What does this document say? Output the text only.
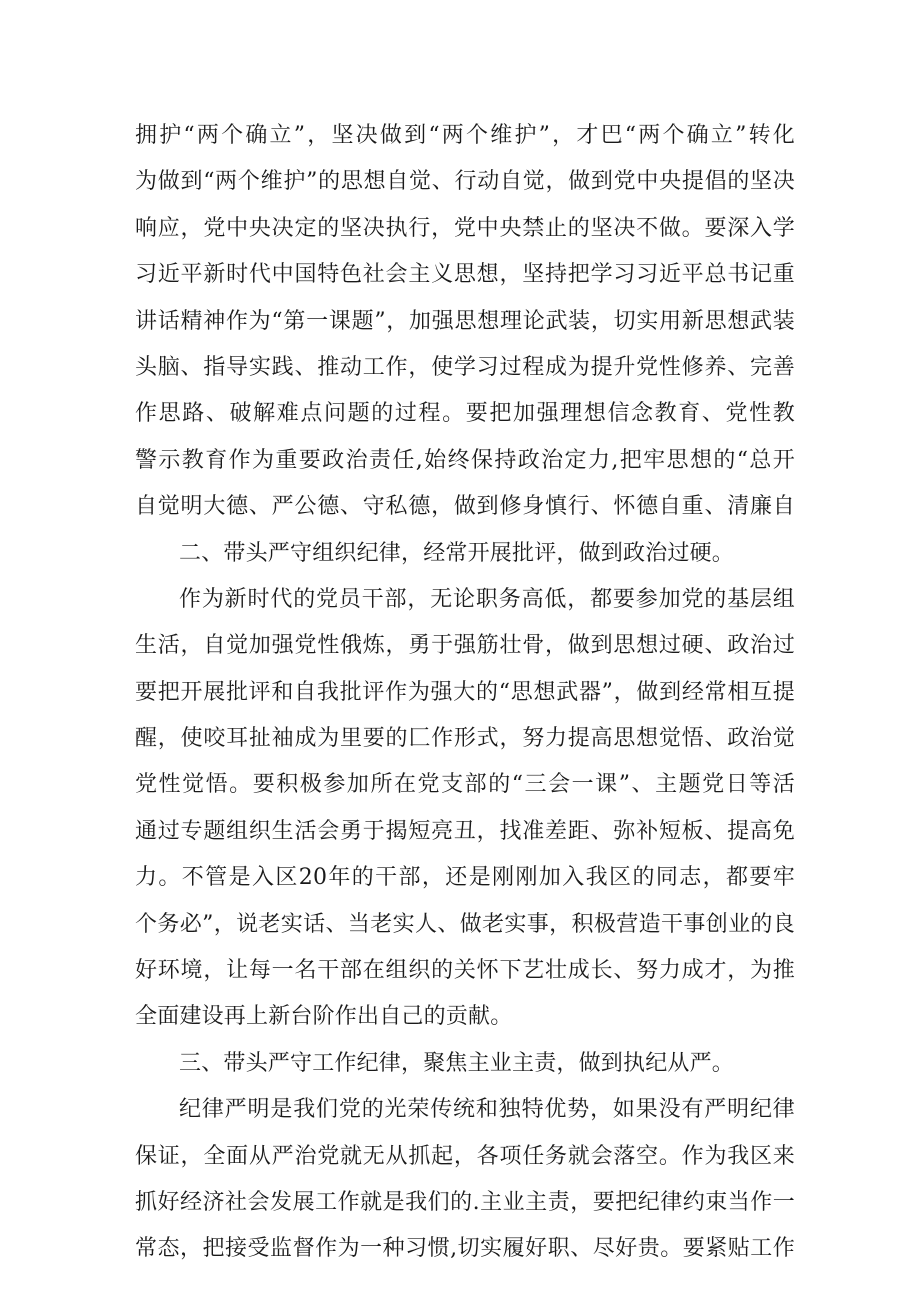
拥护“两个确立”，坚决做到“两个维护”，才巴“两个确立”转化
为做到“两个维护”的思想自觉、行动自觉，做到党中央提倡的坚决
响应，党中央决定的坚决执行，党中央禁止的坚决不做。要深入学
习近平新时代中国特色社会主义思想，坚持把学习习近平总书记重
讲话精神作为“第一课题”，加强思想理论武装，切实用新思想武装
头脑、指导实践、推动工作，使学习过程成为提升党性修养、完善
作思路、破解难点问题的过程。要把加强理想信念教育、党性教
警示教育作为重要政治责任,始终保持政治定力,把牢思想的“总开
自觉明大德、严公德、守私德，做到修身慎行、怀德自重、清廉自
二、带头严守组织纪律，经常开展批评，做到政治过硬。
作为新时代的党员干部，无论职务高低，都要参加党的基层组
生活，自觉加强党性俄炼，勇于强筋壮骨，做到思想过硬、政治过
要把开展批评和自我批评作为强大的“思想武器”，做到经常相互提
醒，使咬耳扯袖成为里要的匚作形式，努力提高思想觉悟、政治觉
党性觉悟。要积极参加所在党支部的“三会一课”、主题党日等活
通过专题组织生活会勇于揭短亮丑，找准差距、弥补短板、提高免
力。不管是入区20年的干部，还是刚刚加入我区的同志，都要牢
个务必”，说老实话、当老实人、做老实事，积极营造干事创业的良
好环境，让每一名干部在组织的关怀下艺壮成长、努力成才，为推
全面建设再上新台阶作出自己的贡献。
三、带头严守工作纪律，聚焦主业主责，做到执纪从严。
纪律严明是我们党的光荣传统和独特优势，如果没有严明纪律
保证，全面从严治党就无从抓起，各项任务就会落空。作为我区来
抓好经济社会发展工作就是我们的.主业主责，要把纪律约束当作一
常态，把接受监督作为一种习惯,切实履好职、尽好贵。要紧贴工作
